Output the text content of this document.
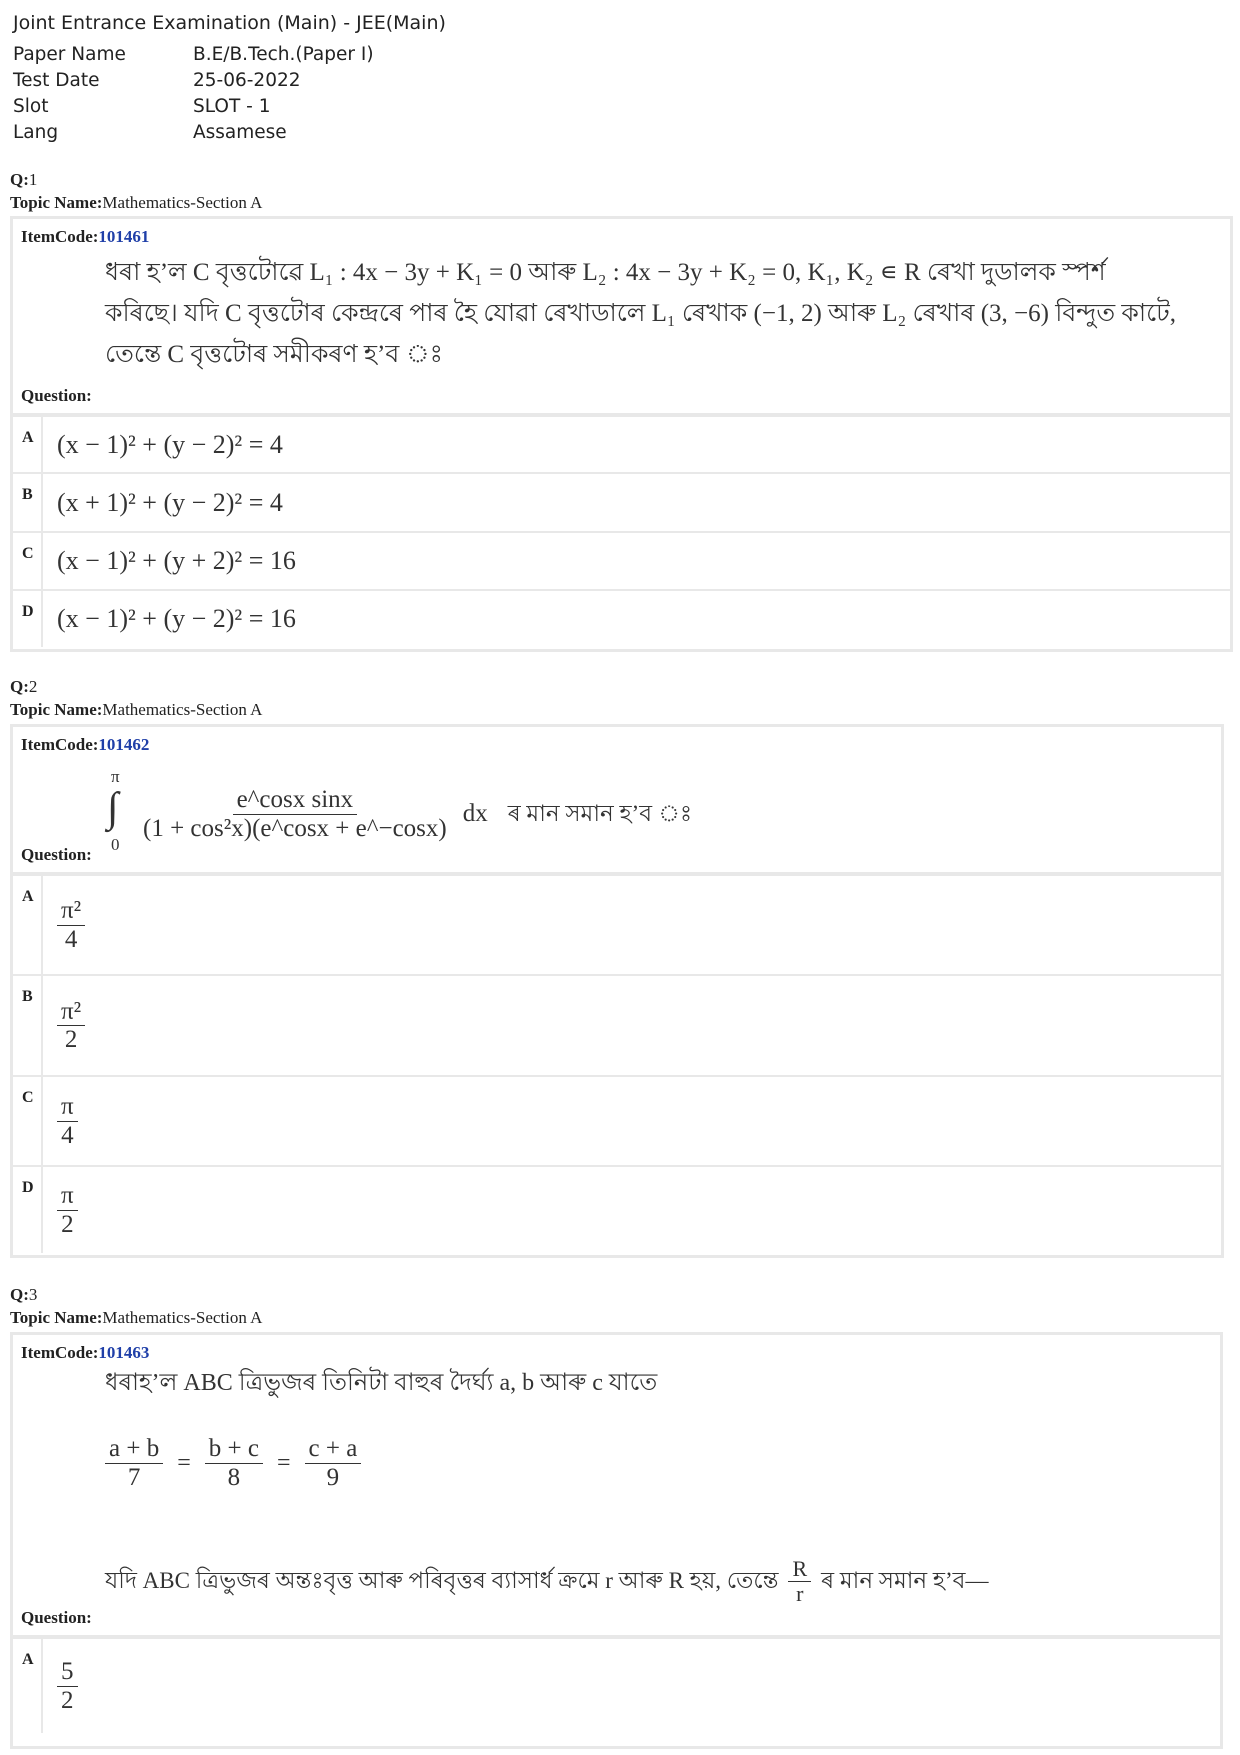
Joint Entrance Examination (Main) - JEE(Main)
Paper Name	B.E/B.Tech.(Paper I)
Test Date	25-06-2022
Slot	SLOT - 1
Lang	Assamese
Q:1
Topic Name:Mathematics-Section A
ItemCode:101461
ধৰা হ’ল C বৃত্তটোৱে L₁ : 4x − 3y + K₁ = 0 আৰু L₂ : 4x − 3y + K₂ = 0, K₁, K₂ ∊ R ৰেখা দুডালক স্পৰ্শ
কৰিছে। যদি C বৃত্তটোৰ কেন্দ্ৰৰে পাৰ হৈ যোৱা ৰেখাডালে L₁ ৰেখাক (−1, 2) আৰু L₂ ৰেখাৰ (3, −6) বিন্দুত কাটে,
তেন্তে C বৃত্তটোৰ সমীকৰণ হ’ব ঃ
Question:
A (x − 1)² + (y − 2)² = 4
B (x + 1)² + (y − 2)² = 4
C (x − 1)² + (y + 2)² = 16
D (x − 1)² + (y − 2)² = 16
Q:2
Topic Name:Mathematics-Section A
ItemCode:101462
π
∫
0
$\frac{\text{e\textasciicircum{}cosx sinx}}{\text{(1 + cos²x)(e\textasciicircum{}cosx + e\textasciicircum{}−cosx)}}$ dx ৰ মান সমান হ’ব ঃ
Question:
A
$\frac{\text{π²}}{4}$
B
$\frac{\text{π²}}{2}$
C $\frac{\pi}{4}$
D $\frac{\pi}{2}$
Q:3
Topic Name:Mathematics-Section A
ItemCode:101463
ধৰাহ’ল ABC ত্ৰিভুজৰ তিনিটা বাহুৰ দৈৰ্ঘ্য a, b আৰু c যাতে
$\frac{a + b}{7} = \frac{b + c}{8} = \frac{c + a}{9}$
যদি ABC ত্ৰিভুজৰ অন্তঃবৃত্ত আৰু পৰিবৃত্তৰ ব্যাসাৰ্ধ ক্ৰমে r আৰু R হয়, তেন্তে $\frac{R}{r}$ ৰ মান সমান হ’ব—
Question:
A $\frac{5}{2}$
